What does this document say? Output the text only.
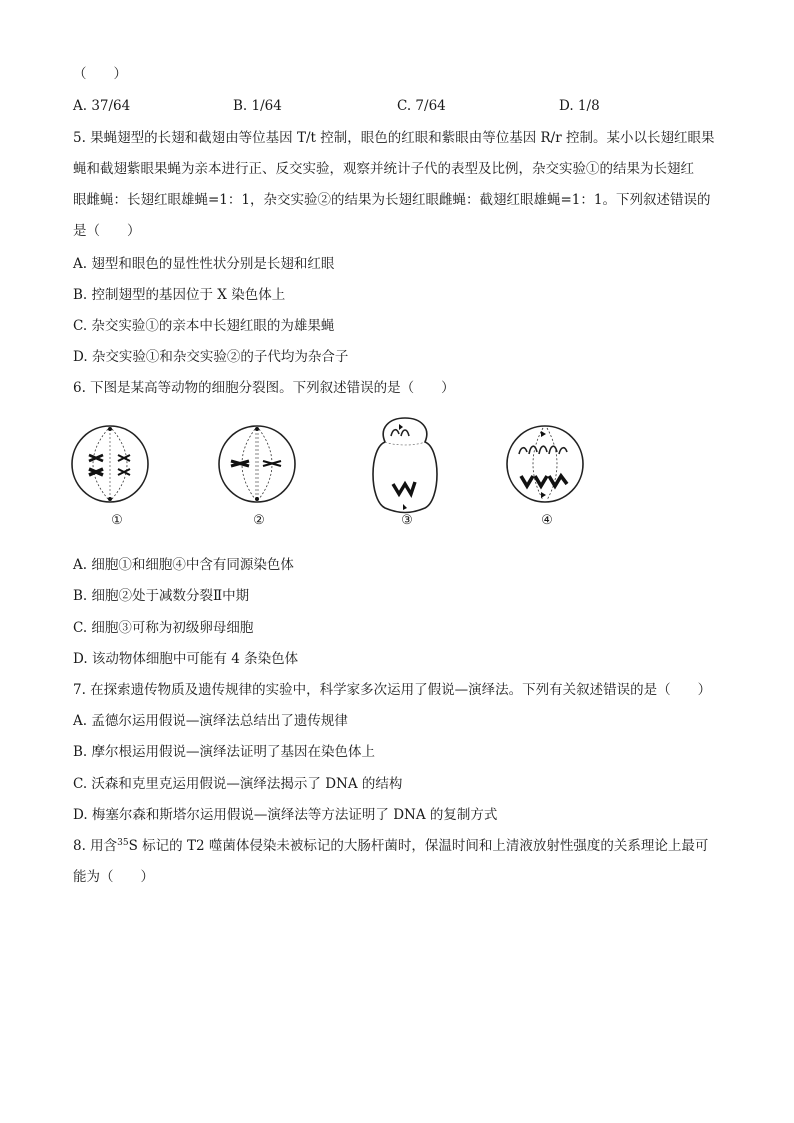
（　　）
A. 37/64	B. 1/64	C. 7/64	D. 1/8
5. 果蝇翅型的长翅和截翅由等位基因 T/t 控制，眼色的红眼和紫眼由等位基因 R/r 控制。某小以长翅红眼果
蝇和截翅紫眼果蝇为亲本进行正、反交实验，观察并统计子代的表型及比例，杂交实验①的结果为长翅红
眼雌蝇：长翅红眼雄蝇=1：1，杂交实验②的结果为长翅红眼雌蝇：截翅红眼雄蝇=1：1。下列叙述错误的
是（　　）
A. 翅型和眼色的显性性状分别是长翅和红眼
B. 控制翅型的基因位于 X 染色体上
C. 杂交实验①的亲本中长翅红眼的为雄果蝇
D. 杂交实验①和杂交实验②的子代均为杂合子
6. 下图是某高等动物的细胞分裂图。下列叙述错误的是（　　）
①	②	③	④
A. 细胞①和细胞④中含有同源染色体
B. 细胞②处于减数分裂Ⅱ中期
C. 细胞③可称为初级卵母细胞
D. 该动物体细胞中可能有 4 条染色体
7. 在探索遗传物质及遗传规律的实验中，科学家多次运用了假说—演绎法。下列有关叙述错误的是（　　）
A. 孟德尔运用假说—演绎法总结出了遗传规律
B. 摩尔根运用假说—演绎法证明了基因在染色体上
C. 沃森和克里克运用假说—演绎法揭示了 DNA 的结构
D. 梅塞尔森和斯塔尔运用假说—演绎法等方法证明了 DNA 的复制方式
8. 用含$^{35}$S 标记的 T2 噬菌体侵染未被标记的大肠杆菌时，保温时间和上清液放射性强度的关系理论上最可
能为（　　）
